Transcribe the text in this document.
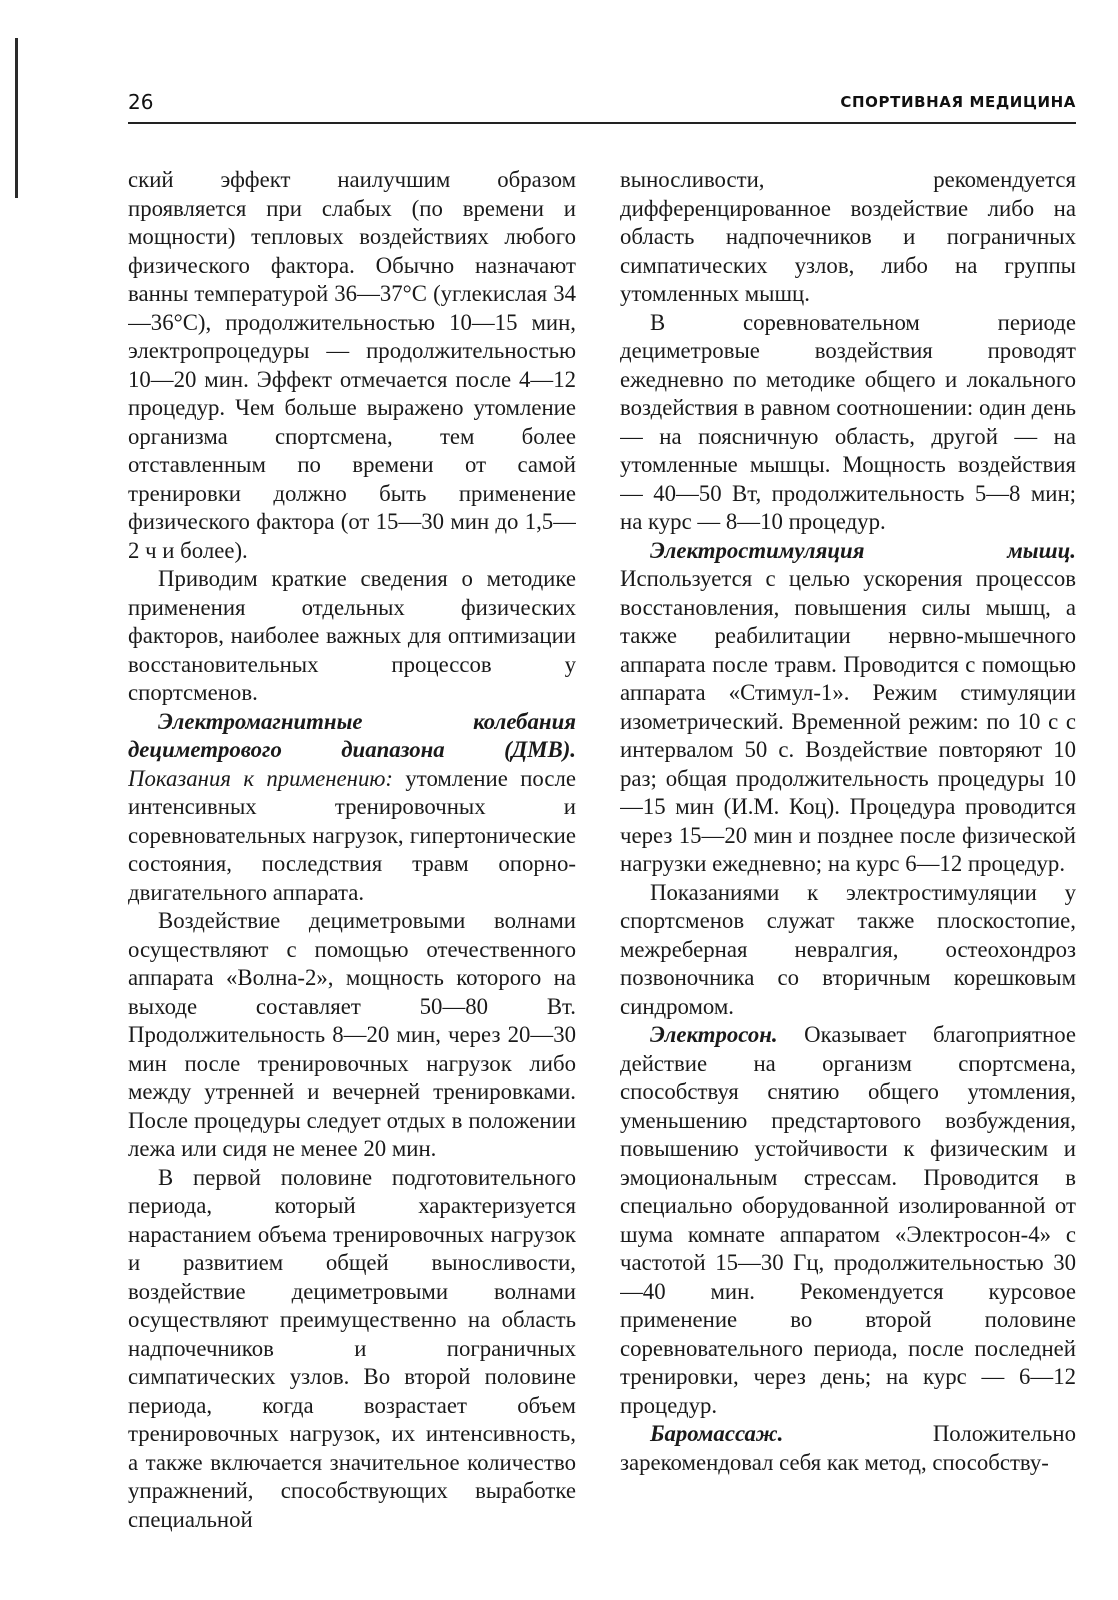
26	СПОРТИВНАЯ МЕДИЦИНА

ский эффект наилучшим образом проявляется при слабых (по времени и мощности) тепловых воздействиях любого физического фактора. Обычно назначают ванны температурой 36—37°C (углекислая 34—36°C), продолжительностью 10—15 мин, электропроцедуры — продолжительностью 10—20 мин. Эффект отмечается после 4—12 процедур. Чем больше выражено утомление организма спортсмена, тем более отставленным по времени от самой тренировки должно быть применение физического фактора (от 15—30 мин до 1,5—2 ч и более).

Приводим краткие сведения о методике применения отдельных физических факторов, наиболее важных для оптимизации восстановительных процессов у спортсменов.

Электромагнитные колебания дециметрового диапазона (ДМВ). Показания к применению: утомление после интенсивных тренировочных и соревновательных нагрузок, гипертонические состояния, последствия травм опорно-двигательного аппарата.

Воздействие дециметровыми волнами осуществляют с помощью отечественного аппарата «Волна-2», мощность которого на выходе составляет 50—80 Вт. Продолжительность 8—20 мин, через 20—30 мин после тренировочных нагрузок либо между утренней и вечерней тренировками. После процедуры следует отдых в положении лежа или сидя не менее 20 мин.

В первой половине подготовительного периода, который характеризуется нарастанием объема тренировочных нагрузок и развитием общей выносливости, воздействие дециметровыми волнами осуществляют преимущественно на область надпочечников и пограничных симпатических узлов. Во второй половине периода, когда возрастает объем тренировочных нагрузок, их интенсивность, а также включается значительное количество упражнений, способствующих выработке специальной

выносливости, рекомендуется дифференцированное воздействие либо на область надпочечников и пограничных симпатических узлов, либо на группы утомленных мышц.

В соревновательном периоде дециметровые воздействия проводят ежедневно по методике общего и локального воздействия в равном соотношении: один день — на поясничную область, другой — на утомленные мышцы. Мощность воздействия — 40—50 Вт, продолжительность 5—8 мин; на курс — 8—10 процедур.

Электростимуляция мышц. Используется с целью ускорения процессов восстановления, повышения силы мышц, а также реабилитации нервно-мышечного аппарата после травм. Проводится с помощью аппарата «Стимул-1». Режим стимуляции изометрический. Временной режим: по 10 с с интервалом 50 с. Воздействие повторяют 10 раз; общая продолжительность процедуры 10—15 мин (И.М. Коц). Процедура проводится через 15—20 мин и позднее после физической нагрузки ежедневно; на курс 6—12 процедур.

Показаниями к электростимуляции у спортсменов служат также плоскостопие, межреберная невралгия, остеохондроз позвоночника со вторичным корешковым синдромом.

Электросон. Оказывает благоприятное действие на организм спортсмена, способствуя снятию общего утомления, уменьшению предстартового возбуждения, повышению устойчивости к физическим и эмоциональным стрессам. Проводится в специально оборудованной изолированной от шума комнате аппаратом «Электросон-4» с частотой 15—30 Гц, продолжительностью 30—40 мин. Рекомендуется курсовое применение во второй половине соревновательного периода, после последней тренировки, через день; на курс — 6—12 процедур.

Баромассаж.	Положительно зарекомендовал себя как метод, способству-
